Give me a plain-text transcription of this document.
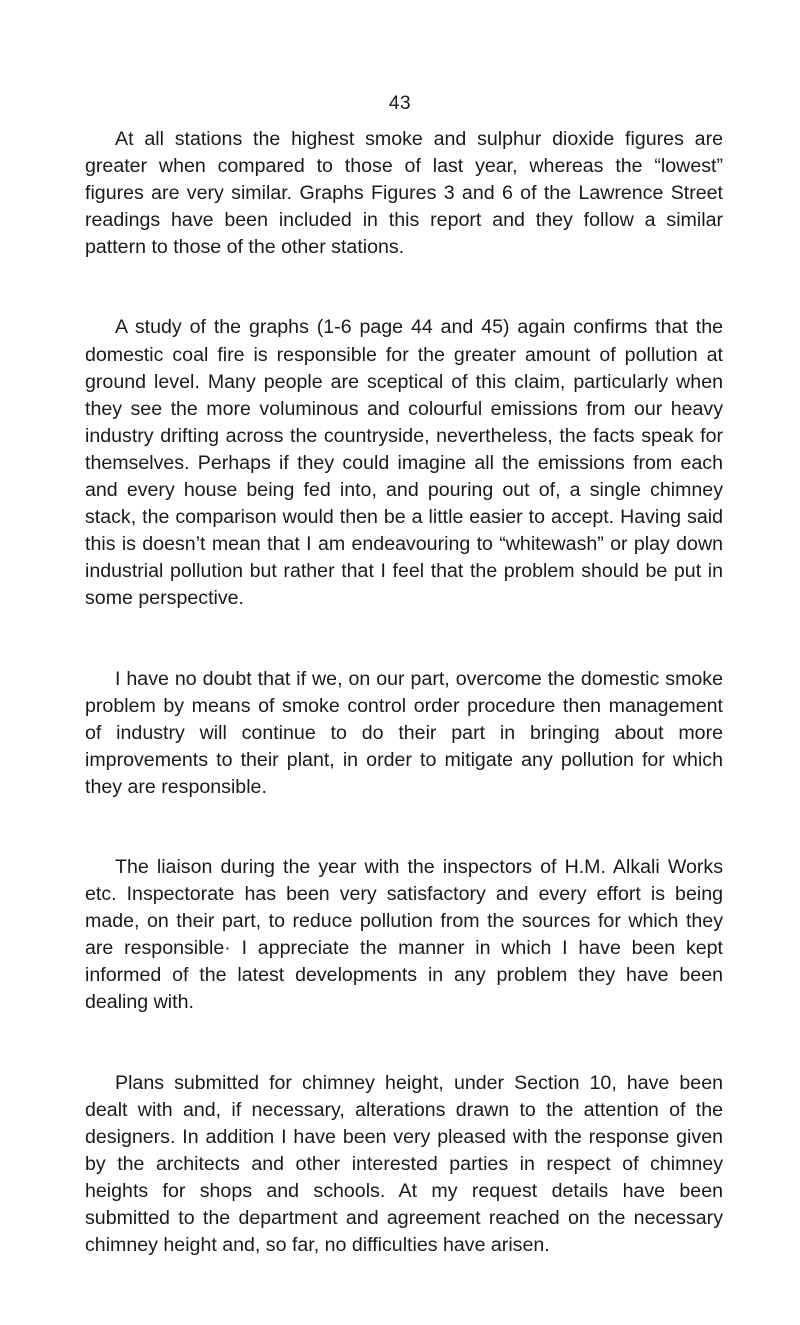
43

At all stations the highest smoke and sulphur dioxide figures are greater when compared to those of last year, whereas the “lowest” figures are very similar. Graphs Figures 3 and 6 of the Lawrence Street readings have been included in this report and they follow a similar pattern to those of the other stations.

A study of the graphs (1-6 page 44 and 45) again confirms that the domestic coal fire is responsible for the greater amount of pollution at ground level. Many people are sceptical of this claim, particularly when they see the more voluminous and colourful emissions from our heavy industry drifting across the countryside, nevertheless, the facts speak for themselves. Perhaps if they could imagine all the emissions from each and every house being fed into, and pouring out of, a single chimney stack, the comparison would then be a little easier to accept. Having said this is doesn’t mean that I am endeavouring to “whitewash” or play down industrial pollution but rather that I feel that the problem should be put in some perspective.

I have no doubt that if we, on our part, overcome the domestic smoke problem by means of smoke control order procedure then management of industry will continue to do their part in bringing about more improvements to their plant, in order to mitigate any pollution for which they are responsible.

The liaison during the year with the inspectors of H.M. Alkali Works etc. Inspectorate has been very satisfactory and every effort is being made, on their part, to reduce pollution from the sources for which they are responsible· I appreciate the manner in which I have been kept informed of the latest developments in any problem they have been dealing with.

Plans submitted for chimney height, under Section 10, have been dealt with and, if necessary, alterations drawn to the attention of the designers. In addition I have been very pleased with the response given by the architects and other interested parties in respect of chimney heights for shops and schools. At my request details have been submitted to the department and agreement reached on the necessary chimney height and, so far, no difficulties have arisen.
